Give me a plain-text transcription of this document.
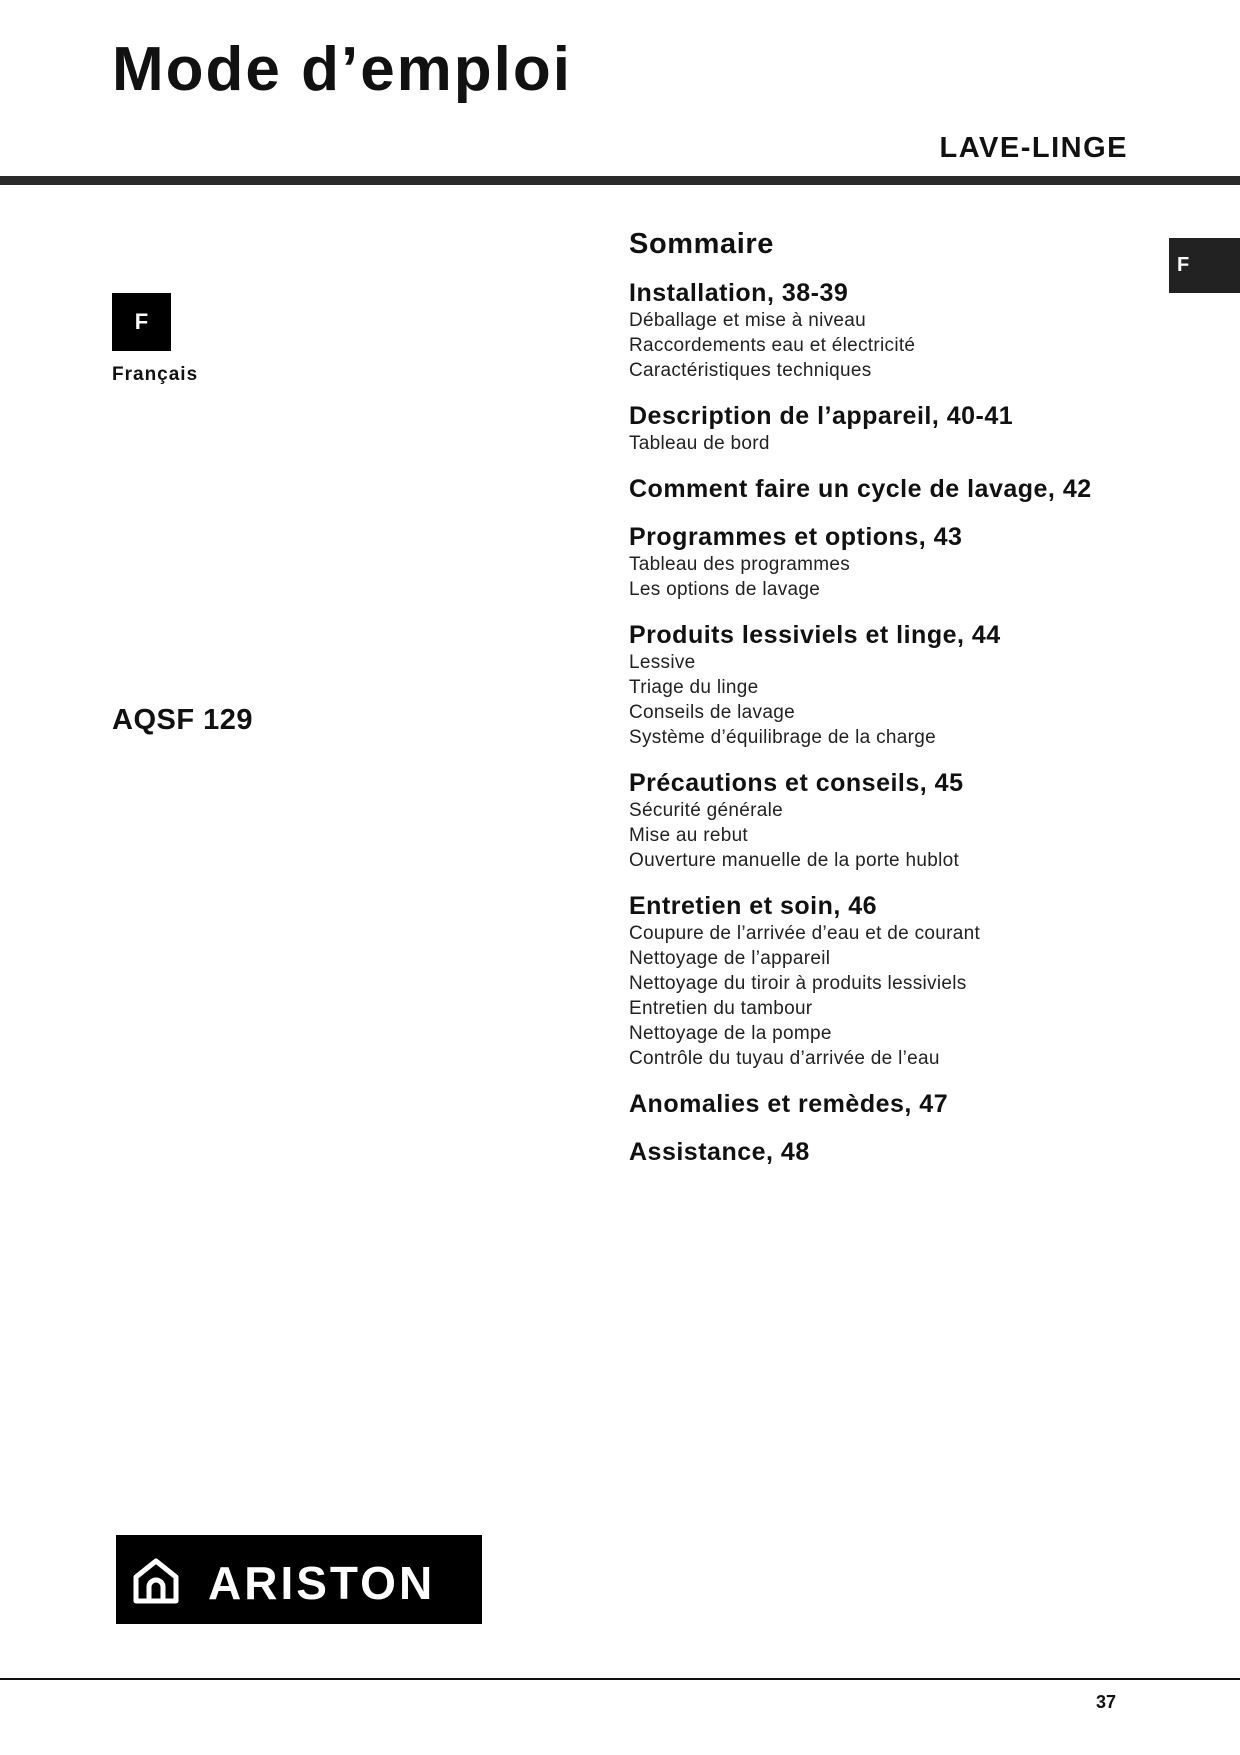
Mode d’emploi
LAVE-LINGE
F
F
Français
AQSF 129
Sommaire
Installation, 38-39
Déballage et mise à niveau
Raccordements eau et électricité
Caractéristiques techniques
Description de l’appareil, 40-41
Tableau de bord
Comment faire un cycle de lavage, 42
Programmes et options, 43
Tableau des programmes
Les options de lavage
Produits lessiviels et linge, 44
Lessive
Triage du linge
Conseils de lavage
Système d’équilibrage de la charge
Précautions et conseils, 45
Sécurité générale
Mise au rebut
Ouverture manuelle de la porte hublot
Entretien et soin, 46
Coupure de l’arrivée d’eau et de courant
Nettoyage de l’appareil
Nettoyage du tiroir à produits lessiviels
Entretien du tambour
Nettoyage de la pompe
Contrôle du tuyau d’arrivée de l’eau
Anomalies et remèdes, 47
Assistance, 48
ARISTON
37
